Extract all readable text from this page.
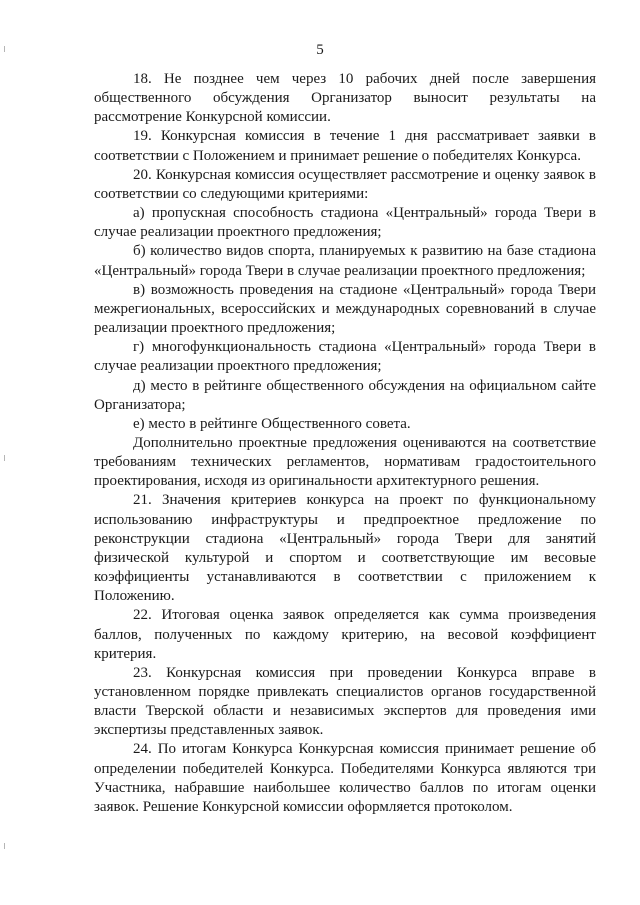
5

18. Не позднее чем через 10 рабочих дней после завершения общественного обсуждения Организатор выносит результаты на рассмотрение Конкурсной комиссии.

19. Конкурсная комиссия в течение 1 дня рассматривает заявки в соответствии с Положением и принимает решение о победителях Конкурса.

20. Конкурсная комиссия осуществляет рассмотрение и оценку заявок в соответствии со следующими критериями:

а) пропускная способность стадиона «Центральный» города Твери в случае реализации проектного предложения;

б) количество видов спорта, планируемых к развитию на базе стадиона «Центральный» города Твери в случае реализации проектного предложения;

в) возможность проведения на стадионе «Центральный» города Твери межрегиональных, всероссийских и международных соревнований в случае реализации проектного предложения;

г) многофункциональность стадиона «Центральный» города Твери в случае реализации проектного предложения;

д) место в рейтинге общественного обсуждения на официальном сайте Организатора;

е) место в рейтинге Общественного совета.

Дополнительно проектные предложения оцениваются на соответствие требованиям технических регламентов, нормативам градостоительного проектирования, исходя из оригинальности архитектурного решения.

21. Значения критериев конкурса на проект по функциональному использованию инфраструктуры и предпроектное предложение по реконструкции стадиона «Центральный» города Твери для занятий физической культурой и спортом и соответствующие им весовые коэффициенты устанавливаются в соответствии с приложением к Положению.

22. Итоговая оценка заявок определяется как сумма произведения баллов, полученных по каждому критерию, на весовой коэффициент критерия.

23. Конкурсная комиссия при проведении Конкурса вправе в установленном порядке привлекать специалистов органов государственной власти Тверской области и независимых экспертов для проведения ими экспертизы представленных заявок.

24. По итогам Конкурса Конкурсная комиссия принимает решение об определении победителей Конкурса. Победителями Конкурса являются три Участника, набравшие наибольшее количество баллов по итогам оценки заявок. Решение Конкурсной комиссии оформляется протоколом.
